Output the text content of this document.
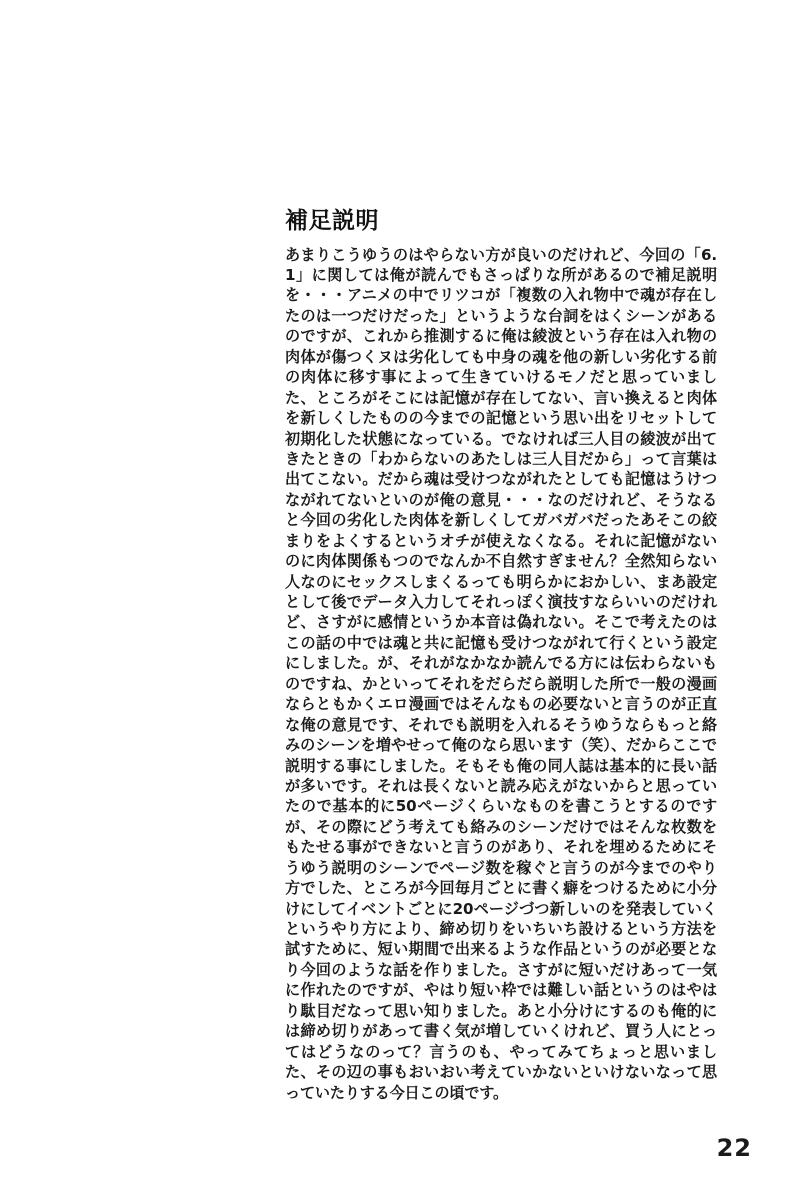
補足説明

あまりこうゆうのはやらない方が良いのだけれど、今回の「6.1」に関しては俺が読んでもさっぱりな所があるので補足説明を・・・アニメの中でリツコが「複数の入れ物中で魂が存在したのは一つだけだった」というような台詞をはくシーンがあるのですが、これから推測するに俺は綾波という存在は入れ物の肉体が傷つくヌは劣化しても中身の魂を他の新しい劣化する前の肉体に移す事によって生きていけるモノだと思っていました、ところがそこには記憶が存在してない、言い換えると肉体を新しくしたものの今までの記憶という思い出をリセットして初期化した状態になっている。でなければ三人目の綾波が出てきたときの「わからないのあたしは三人目だから」って言葉は出てこない。だから魂は受けつながれたとしても記憶はうけつながれてないといのが俺の意見・・・なのだけれど、そうなると今回の劣化した肉体を新しくしてガバガバだったあそこの絞まりをよくするというオチが使えなくなる。それに記憶がないのに肉体関係もつのでなんか不自然すぎません？全然知らない人なのにセックスしまくるっても明らかにおかしい、まあ設定として後でデータ入力してそれっぽく演技すならいいのだけれど、さすがに感情というか本音は偽れない。そこで考えたのはこの話の中では魂と共に記憶も受けつながれて行くという設定にしました。が、それがなかなか読んでる方には伝わらないものですね、かといってそれをだらだら説明した所で一般の漫画ならともかくエロ漫画ではそんなもの必要ないと言うのが正直な俺の意見です、それでも説明を入れるそうゆうならもっと絡みのシーンを増やせって俺のなら思います（笑）、だからここで説明する事にしました。そもそも俺の同人誌は基本的に長い話が多いです。それは長くないと読み応えがないからと思っていたので基本的に50ページくらいなものを書こうとするのですが、その際にどう考えても絡みのシーンだけではそんな枚数をもたせる事ができないと言うのがあり、それを埋めるためにそうゆう説明のシーンでページ数を稼ぐと言うのが今までのやり方でした、ところが今回毎月ごとに書く癖をつけるために小分けにしてイベントごとに20ページづつ新しいのを発表していくというやり方により、締め切りをいちいち設けるという方法を試すために、短い期間で出来るような作品というのが必要となり今回のような話を作りました。さすがに短いだけあって一気に作れたのですが、やはり短い枠では難しい話というのはやはり駄目だなって思い知りました。あと小分けにするのも俺的には締め切りがあって書く気が増していくけれど、買う人にとってはどうなのって？言うのも、やってみてちょっと思いました、その辺の事もおいおい考えていかないといけないなって思っていたりする今日この頃です。

22
